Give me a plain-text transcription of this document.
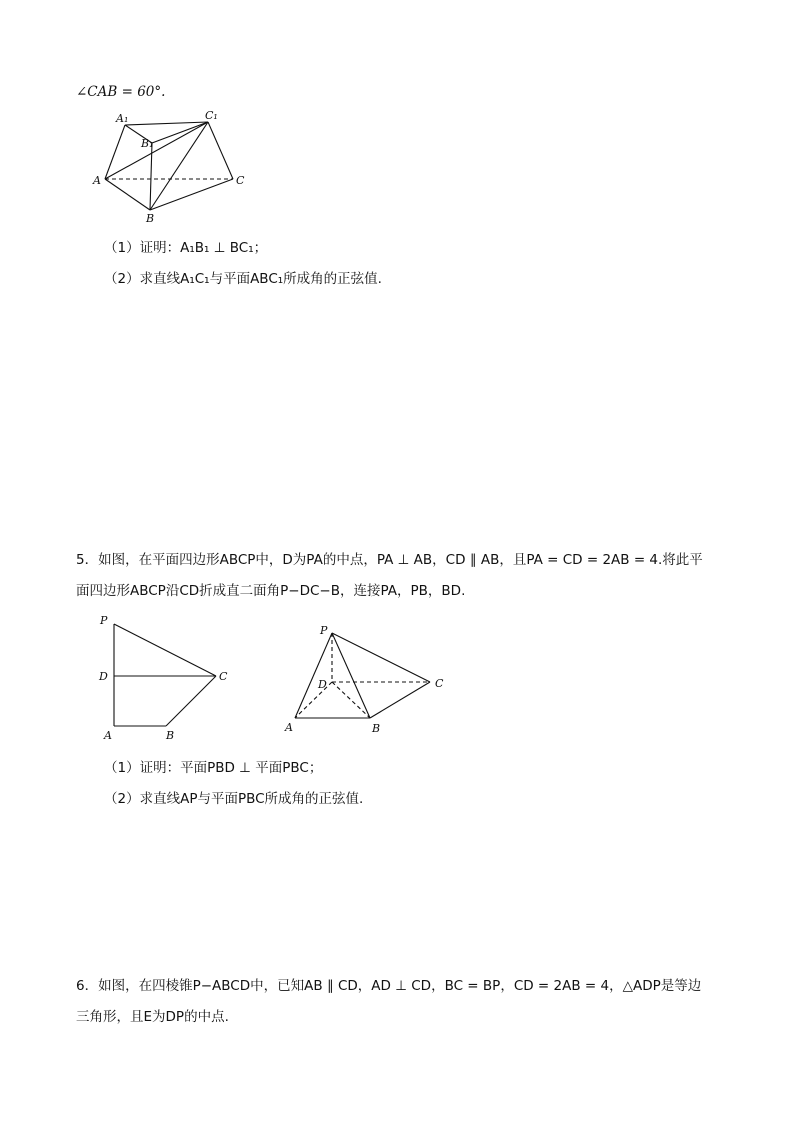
∠CAB = 60°.
A₁	C₁
B₁
A
B
C
（1）证明：A₁B₁ ⊥ BC₁；
（2）求直线A₁C₁与平面ABC₁所成角的正弦值.
5．如图，在平面四边形ABCP中，D为PA的中点，PA ⊥ AB，CD ∥ AB，且PA = CD = 2AB = 4.将此平
面四边形ABCP沿CD折成直二面角P−DC−B，连接PA，PB，BD.
P
D	C
A	B
P
D	C
A	B
（1）证明：平面PBD ⊥ 平面PBC；
（2）求直线AP与平面PBC所成角的正弦值.
6．如图，在四棱锥P−ABCD中，已知AB ∥ CD，AD ⊥ CD，BC = BP，CD = 2AB = 4，△ADP是等边
三角形，且E为DP的中点.
